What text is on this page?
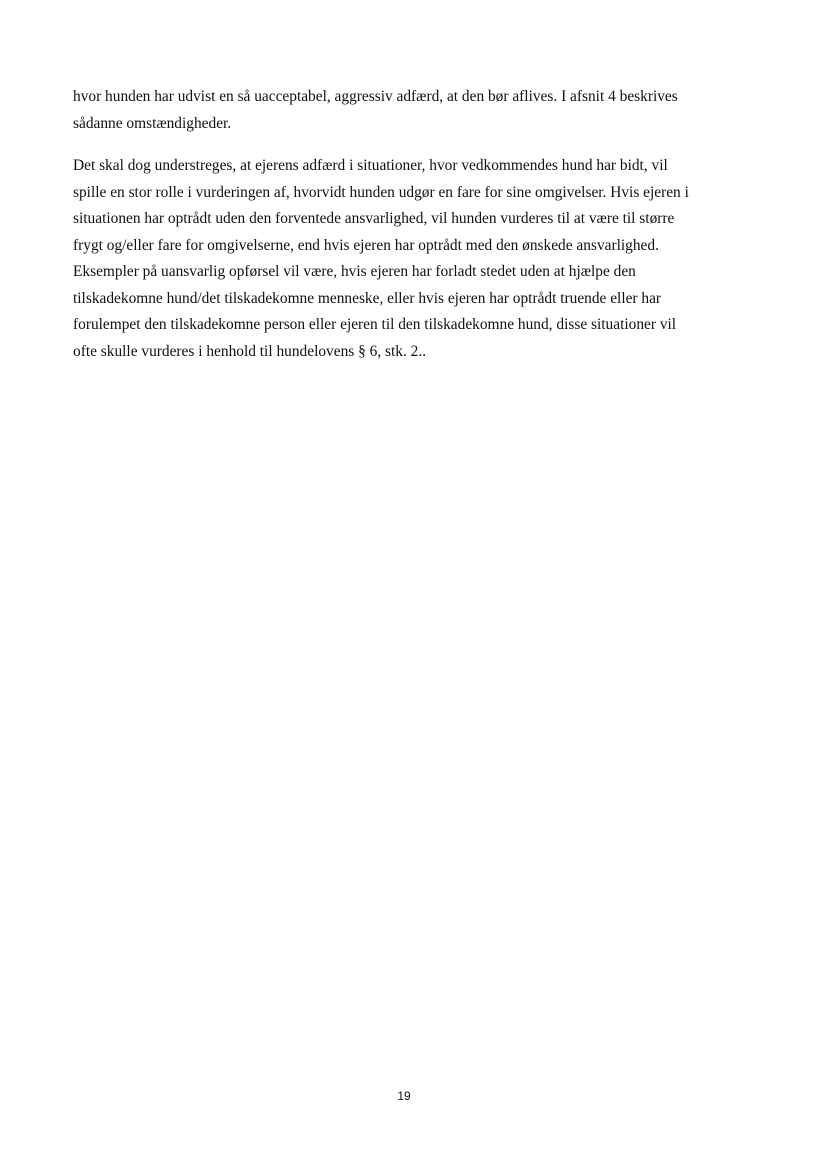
hvor hunden har udvist en så uacceptabel, aggressiv adfærd, at den bør aflives. I afsnit 4 beskrives
sådanne omstændigheder.
Det skal dog understreges, at ejerens adfærd i situationer, hvor vedkommendes hund har bidt, vil
spille en stor rolle i vurderingen af, hvorvidt hunden udgør en fare for sine omgivelser. Hvis ejeren i
situationen har optrådt uden den forventede ansvarlighed, vil hunden vurderes til at være til større
frygt og/eller fare for omgivelserne, end hvis ejeren har optrådt med den ønskede ansvarlighed.
Eksempler på uansvarlig opførsel vil være, hvis ejeren har forladt stedet uden at hjælpe den
tilskadekomne hund/det tilskadekomne menneske, eller hvis ejeren har optrådt truende eller har
forulempet den tilskadekomne person eller ejeren til den tilskadekomne hund, disse situationer vil
ofte skulle vurderes i henhold til hundelovens § 6, stk. 2..
19
